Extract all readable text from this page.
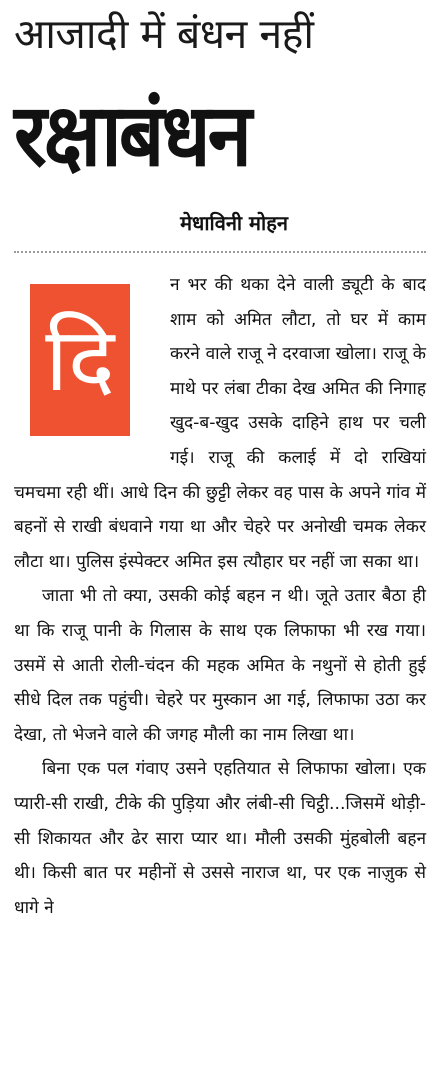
आजादी में बंधन नहीं
रक्षाबंधन
मेधाविनी मोहन
दि

न भर की थका देने वाली ड्यूटी के बाद शाम को अमित लौटा, तो घर में काम करने वाले राजू ने दरवाजा खोला। राजू के माथे पर लंबा टीका देख अमित की निगाह खुद-ब-खुद उसके दाहिने हाथ पर चली गई। राजू की कलाई में दो राखियां चमचमा रही थीं। आधे दिन की छुट्टी लेकर वह पास के अपने गांव में बहनों से राखी बंधवाने गया था और चेहरे पर अनोखी चमक लेकर लौटा था। पुलिस इंस्पेक्टर अमित इस त्यौहार घर नहीं जा सका था।

जाता भी तो क्या, उसकी कोई बहन न थी। जूते उतार बैठा ही था कि राजू पानी के गिलास के साथ एक लिफाफा भी रख गया। उसमें से आती रोली-चंदन की महक अमित के नथुनों से होती हुई सीधे दिल तक पहुंची। चेहरे पर मुस्कान आ गई, लिफाफा उठा कर देखा, तो भेजने वाले की जगह मौली का नाम लिखा था।

बिना एक पल गंवाए उसने एहतियात से लिफाफा खोला। एक प्यारी-सी राखी, टीके की पुड़िया और लंबी-सी चिट्ठी...जिसमें थोड़ी-सी शिकायत और ढेर सारा प्यार था। मौली उसकी मुंहबोली बहन थी। किसी बात पर महीनों से उससे नाराज था, पर एक नाज़ुक से धागे ने
